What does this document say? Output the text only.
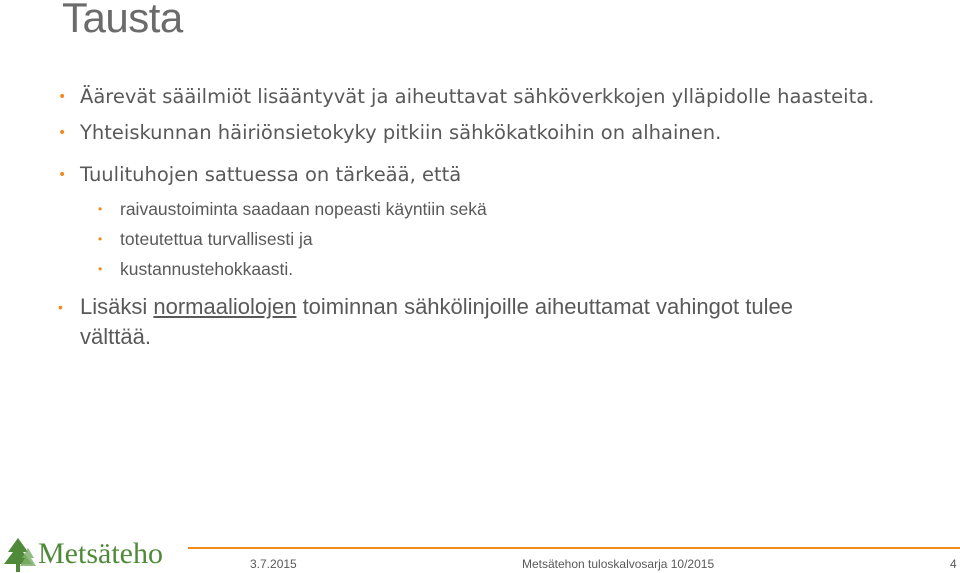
Tausta
• Äärevät sääilmiöt lisääntyvät ja aiheuttavat sähköverkkojen ylläpidolle haasteita.
• Yhteiskunnan häiriönsietokyky pitkiin sähkökatkoihin on alhainen.
• Tuulituhojen sattuessa on tärkeää, että
• raivaustoiminta saadaan nopeasti käyntiin sekä
• toteutettua turvallisesti ja
• kustannustehokkaasti.
• Lisäksi normaaliolojen toiminnan sähkölinjoille aiheuttamat vahingot tulee
välttää.
Metsäteho	3.7.2015	Metsätehon tuloskalvosarja 10/2015	4
